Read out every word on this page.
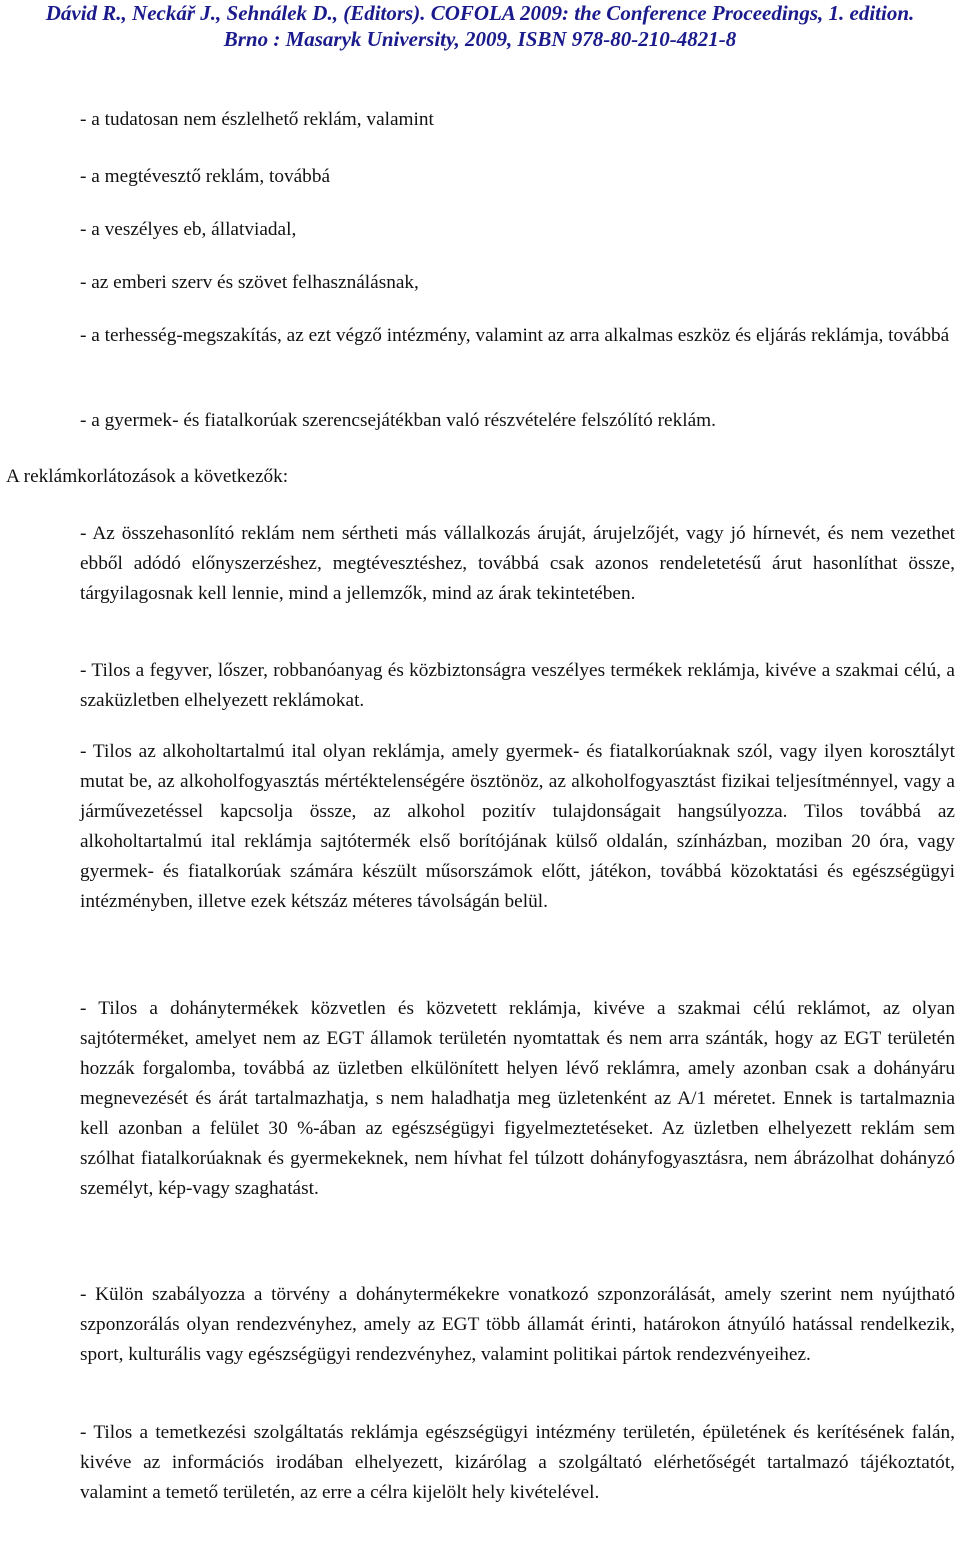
Dávid R., Neckář J., Sehnálek D., (Editors). COFOLA 2009: the Conference Proceedings, 1. edition.
Brno : Masaryk University, 2009, ISBN 978-80-210-4821-8

- a tudatosan nem észlelhető reklám, valamint

- a megtévesztő reklám, továbbá

- a veszélyes eb, állatviadal,

- az emberi szerv és szövet felhasználásnak,

- a terhesség-megszakítás, az ezt végző intézmény, valamint az arra alkalmas eszköz és eljárás reklámja, továbbá

- a gyermek- és fiatalkorúak szerencsejátékban való részvételére felszólító reklám.

A reklámkorlátozások a következők:

- Az összehasonlító reklám nem sértheti más vállalkozás áruját, árujelzőjét, vagy jó hírnevét, és nem vezethet ebből adódó előnyszerzéshez, megtévesztéshez, továbbá csak azonos rendeletetésű árut hasonlíthat össze, tárgyilagosnak kell lennie, mind a jellemzők, mind az árak tekintetében.

- Tilos a fegyver, lőszer, robbanóanyag és közbiztonságra veszélyes termékek reklámja, kivéve a szakmai célú, a szaküzletben elhelyezett reklámokat.

- Tilos az alkoholtartalmú ital olyan reklámja, amely gyermek- és fiatalkorúaknak szól, vagy ilyen korosztályt mutat be, az alkoholfogyasztás mértéktelenségére ösztönöz, az alkoholfogyasztást fizikai teljesítménnyel, vagy a járművezetéssel kapcsolja össze, az alkohol pozitív tulajdonságait hangsúlyozza. Tilos továbbá az alkoholtartalmú ital reklámja sajtótermék első borítójának külső oldalán, színházban, moziban 20 óra, vagy gyermek- és fiatalkorúak számára készült műsorszámok előtt, játékon, továbbá közoktatási és egészségügyi intézményben, illetve ezek kétszáz méteres távolságán belül.

- Tilos a dohánytermékek közvetlen és közvetett reklámja, kivéve a szakmai célú reklámot, az olyan sajtóterméket, amelyet nem az EGT államok területén nyomtattak és nem arra szánták, hogy az EGT területén hozzák forgalomba, továbbá az üzletben elkülönített helyen lévő reklámra, amely azonban csak a dohányáru megnevezését és árát tartalmazhatja, s nem haladhatja meg üzletenként az A/1 méretet. Ennek is tartalmaznia kell azonban a felület 30 %-ában az egészségügyi figyelmeztetéseket. Az üzletben elhelyezett reklám sem szólhat fiatalkorúaknak és gyermekeknek, nem hívhat fel túlzott dohányfogyasztásra, nem ábrázolhat dohányzó személyt, kép-vagy szaghatást.

- Külön szabályozza a törvény a dohánytermékekre vonatkozó szponzorálását, amely szerint nem nyújtható szponzorálás olyan rendezvényhez, amely az EGT több államát érinti, határokon átnyúló hatással rendelkezik, sport, kulturális vagy egészségügyi rendezvényhez, valamint politikai pártok rendezvényeihez.

- Tilos a temetkezési szolgáltatás reklámja egészségügyi intézmény területén, épületének és kerítésének falán, kivéve az információs irodában elhelyezett, kizárólag a szolgáltató elérhetőségét tartalmazó tájékoztatót, valamint a temető területén, az erre a célra kijelölt hely kivételével.
